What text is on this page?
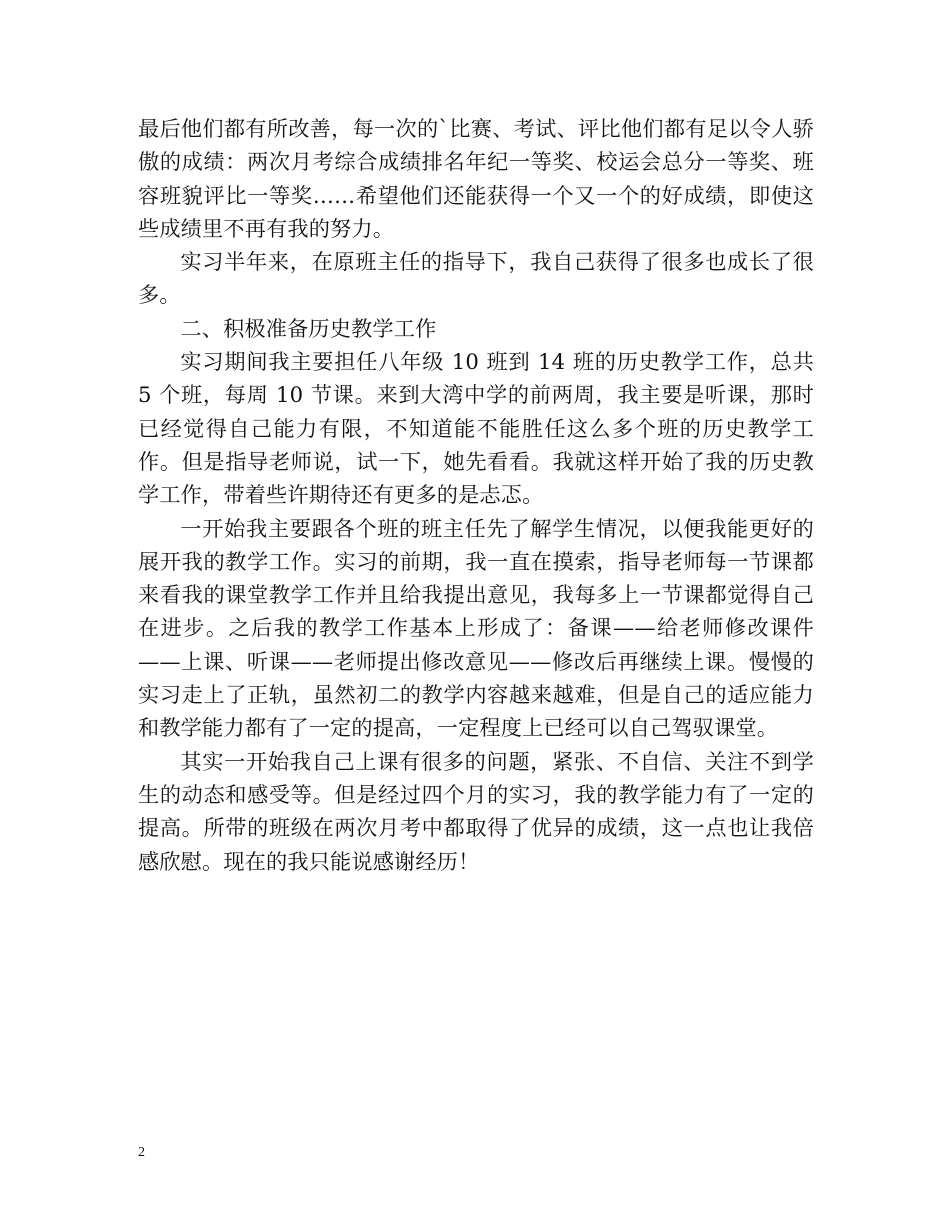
最后他们都有所改善，每一次的`比赛、考试、评比他们都有足以令人骄傲的成绩：两次月考综合成绩排名年纪一等奖、校运会总分一等奖、班容班貌评比一等奖……希望他们还能获得一个又一个的好成绩，即使这些成绩里不再有我的努力。

实习半年来，在原班主任的指导下，我自己获得了很多也成长了很多。

二、积极准备历史教学工作

实习期间我主要担任八年级 10 班到 14 班的历史教学工作，总共 5 个班，每周 10 节课。来到大湾中学的前两周，我主要是听课，那时已经觉得自己能力有限，不知道能不能胜任这么多个班的历史教学工作。但是指导老师说，试一下，她先看看。我就这样开始了我的历史教学工作，带着些许期待还有更多的是忐忑。

一开始我主要跟各个班的班主任先了解学生情况，以便我能更好的展开我的教学工作。实习的前期，我一直在摸索，指导老师每一节课都来看我的课堂教学工作并且给我提出意见，我每多上一节课都觉得自己在进步。之后我的教学工作基本上形成了：备课——给老师修改课件——上课、听课——老师提出修改意见——修改后再继续上课。慢慢的实习走上了正轨，虽然初二的教学内容越来越难，但是自己的适应能力和教学能力都有了一定的提高，一定程度上已经可以自己驾驭课堂。

其实一开始我自己上课有很多的问题，紧张、不自信、关注不到学生的动态和感受等。但是经过四个月的实习，我的教学能力有了一定的提高。所带的班级在两次月考中都取得了优异的成绩，这一点也让我倍感欣慰。现在的我只能说感谢经历！

2
